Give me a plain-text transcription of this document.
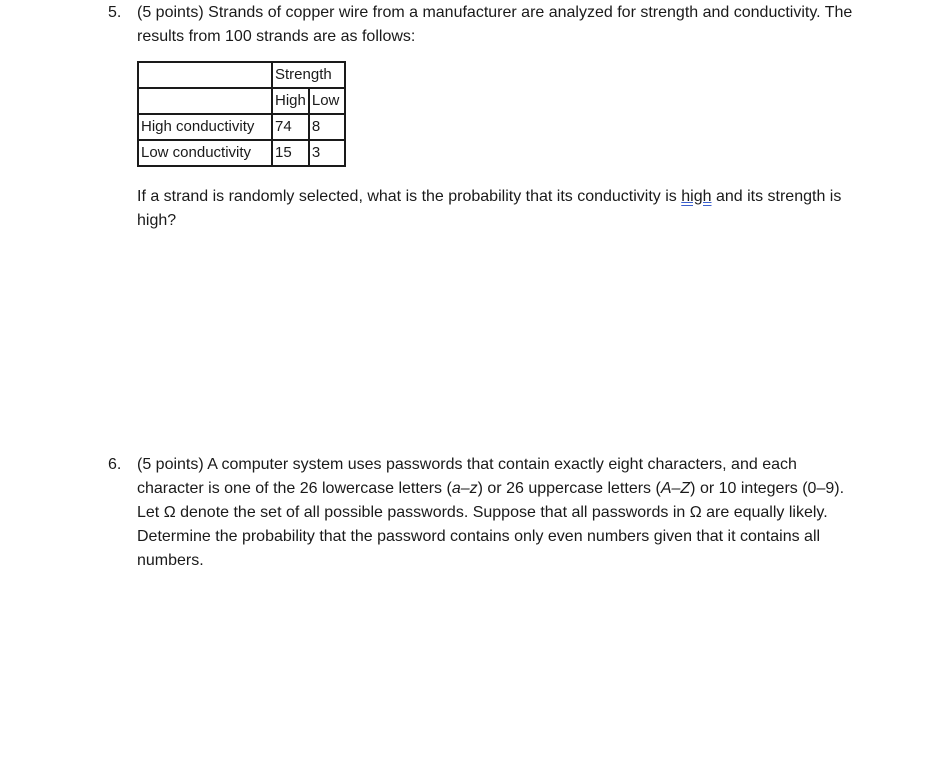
5. (5 points) Strands of copper wire from a manufacturer are analyzed for strength and conductivity. The results from 100 strands are as follows:

	Strength	
	High	Low
High conductivity	74	8
Low conductivity	15	3

If a strand is randomly selected, what is the probability that its conductivity is high and its strength is high?

6. (5 points) A computer system uses passwords that contain exactly eight characters, and each character is one of the 26 lowercase letters (a–z) or 26 uppercase letters (A–Z) or 10 integers (0–9). Let Ω denote the set of all possible passwords. Suppose that all passwords in Ω are equally likely. Determine the probability that the password contains only even numbers given that it contains all numbers.
